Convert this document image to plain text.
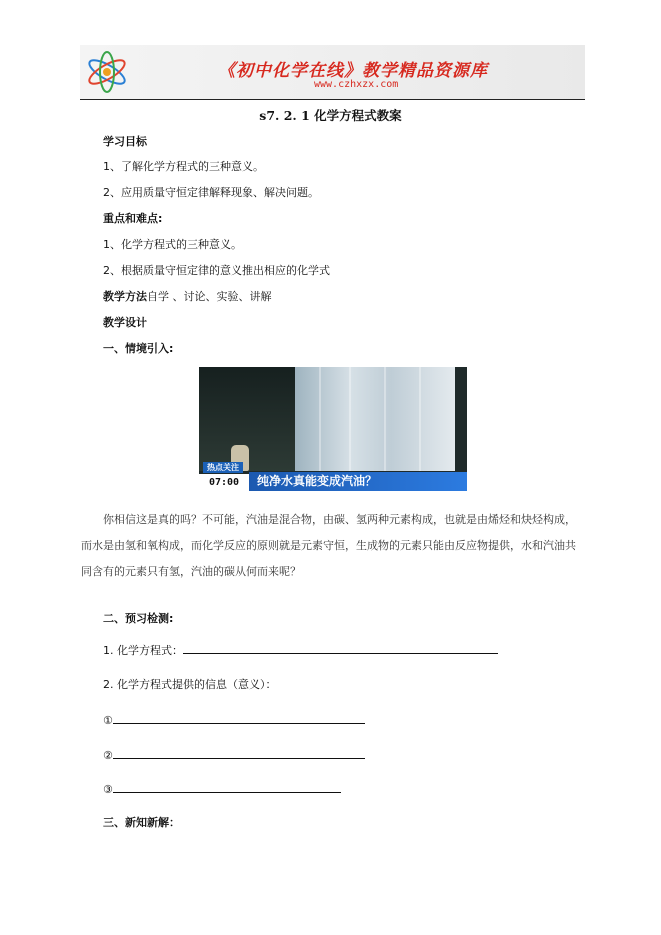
《初中化学在线》教学精品资源库
www.czhxzx.com
s7. 2. 1 化学方程式教案
学习目标
1、了解化学方程式的三种意义。
2、应用质量守恒定律解释现象、解决问题。
重点和难点:
1、化学方程式的三种意义。
2、根据质量守恒定律的意义推出相应的化学式
教学方法自学 、讨论、实验、讲解
教学设计
一、情境引入:
热点关注
07:00	纯净水真能变成汽油？
你相信这是真的吗？不可能，汽油是混合物，由碳、氢两种元素构成，也就是由烯烃和炔烃构成，而水是由氢和氧构成，而化学反应的原则就是元素守恒，生成物的元素只能由反应物提供，水和汽油共同含有的元素只有氢，汽油的碳从何而来呢？
二、预习检测:
1. 化学方程式：
2. 化学方程式提供的信息（意义）：
①
②
③
三、新知新解：
